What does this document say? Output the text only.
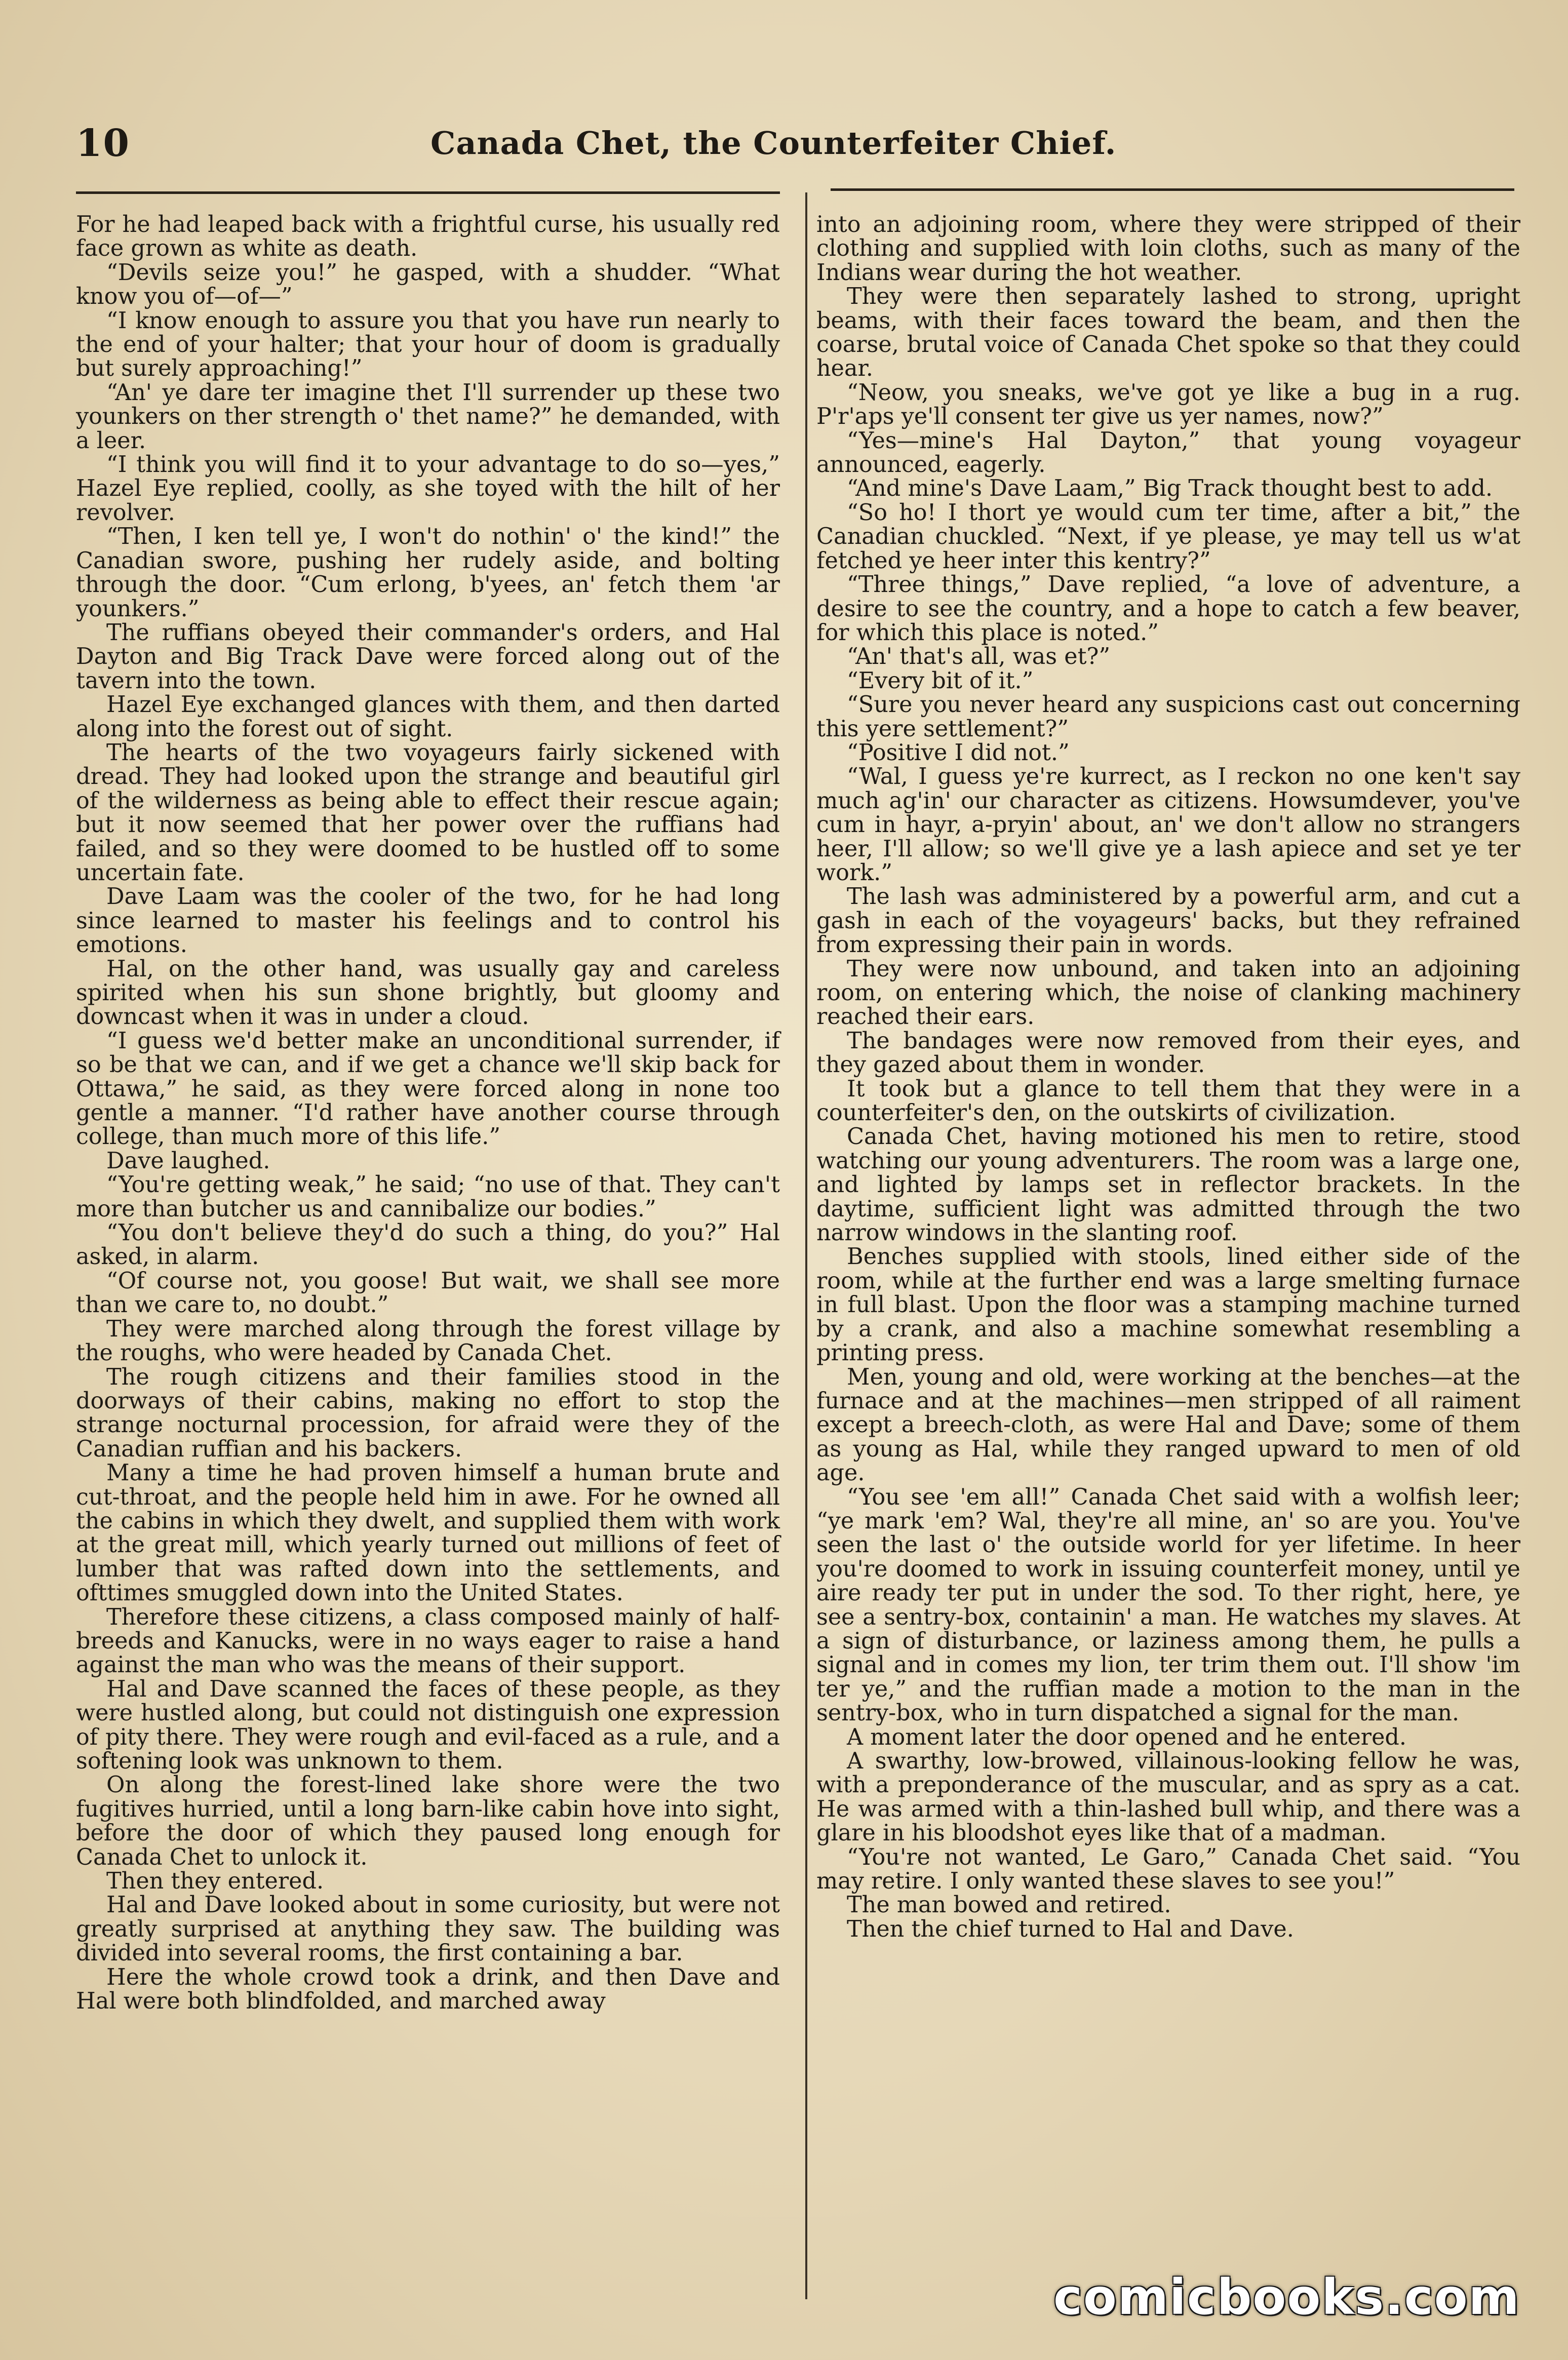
10	Canada Chet, the Counterfeiter Chief.

For he had leaped back with a frightful curse, his usually red face grown as white as death.

“Devils seize you!” he gasped, with a shudder. “What know you of—of—”

“I know enough to assure you that you have run nearly to the end of your halter; that your hour of doom is gradually but surely approaching!”

“An' ye dare ter imagine thet I'll surrender up these two younkers on ther strength o' thet name?” he demanded, with a leer.

“I think you will find it to your advantage to do so—yes,” Hazel Eye replied, coolly, as she toyed with the hilt of her revolver.

“Then, I ken tell ye, I won't do nothin' o' the kind!” the Canadian swore, pushing her rudely aside, and bolting through the door. “Cum erlong, b'yees, an' fetch them 'ar younkers.”

The ruffians obeyed their commander's orders, and Hal Dayton and Big Track Dave were forced along out of the tavern into the town.

Hazel Eye exchanged glances with them, and then darted along into the forest out of sight.

The hearts of the two voyageurs fairly sickened with dread. They had looked upon the strange and beautiful girl of the wilderness as being able to effect their rescue again; but it now seemed that her power over the ruffians had failed, and so they were doomed to be hustled off to some uncertain fate.

Dave Laam was the cooler of the two, for he had long since learned to master his feelings and to control his emotions.

Hal, on the other hand, was usually gay and careless spirited when his sun shone brightly, but gloomy and downcast when it was in under a cloud.

“I guess we'd better make an unconditional surrender, if so be that we can, and if we get a chance we'll skip back for Ottawa,” he said, as they were forced along in none too gentle a manner. “I'd rather have another course through college, than much more of this life.”

Dave laughed.

“You're getting weak,” he said; “no use of that. They can't more than butcher us and cannibalize our bodies.”

“You don't believe they'd do such a thing, do you?” Hal asked, in alarm.

“Of course not, you goose! But wait, we shall see more than we care to, no doubt.”

They were marched along through the forest village by the roughs, who were headed by Canada Chet.

The rough citizens and their families stood in the doorways of their cabins, making no effort to stop the strange nocturnal procession, for afraid were they of the Canadian ruffian and his backers.

Many a time he had proven himself a human brute and cut-throat, and the people held him in awe. For he owned all the cabins in which they dwelt, and supplied them with work at the great mill, which yearly turned out millions of feet of lumber that was rafted down into the settlements, and ofttimes smuggled down into the United States.

Therefore these citizens, a class composed mainly of half-breeds and Kanucks, were in no ways eager to raise a hand against the man who was the means of their support.

Hal and Dave scanned the faces of these people, as they were hustled along, but could not distinguish one expression of pity there. They were rough and evil-faced as a rule, and a softening look was unknown to them.

On along the forest-lined lake shore were the two fugitives hurried, until a long barn-like cabin hove into sight, before the door of which they paused long enough for Canada Chet to unlock it.

Then they entered.

Hal and Dave looked about in some curiosity, but were not greatly surprised at anything they saw. The building was divided into several rooms, the first containing a bar.

Here the whole crowd took a drink, and then Dave and Hal were both blindfolded, and marched away

into an adjoining room, where they were stripped of their clothing and supplied with loin cloths, such as many of the Indians wear during the hot weather.

They were then separately lashed to strong, upright beams, with their faces toward the beam, and then the coarse, brutal voice of Canada Chet spoke so that they could hear.

“Neow, you sneaks, we've got ye like a bug in a rug. P'r'aps ye'll consent ter give us yer names, now?”

“Yes—mine's Hal Dayton,” that young voyageur announced, eagerly.

“And mine's Dave Laam,” Big Track thought best to add.

“So ho! I thort ye would cum ter time, after a bit,” the Canadian chuckled. “Next, if ye please, ye may tell us w'at fetched ye heer inter this kentry?”

“Three things,” Dave replied, “a love of adventure, a desire to see the country, and a hope to catch a few beaver, for which this place is noted.”

“An' that's all, was et?”

“Every bit of it.”

“Sure you never heard any suspicions cast out concerning this yere settlement?”

“Positive I did not.”

“Wal, I guess ye're kurrect, as I reckon no one ken't say much ag'in' our character as citizens. Howsumdever, you've cum in hayr, a-pryin' about, an' we don't allow no strangers heer, I'll allow; so we'll give ye a lash apiece and set ye ter work.”

The lash was administered by a powerful arm, and cut a gash in each of the voyageurs' backs, but they refrained from expressing their pain in words.

They were now unbound, and taken into an adjoining room, on entering which, the noise of clanking machinery reached their ears.

The bandages were now removed from their eyes, and they gazed about them in wonder.

It took but a glance to tell them that they were in a counterfeiter's den, on the outskirts of civilization.

Canada Chet, having motioned his men to retire, stood watching our young adventurers. The room was a large one, and lighted by lamps set in reflector brackets. In the daytime, sufficient light was admitted through the two narrow windows in the slanting roof.

Benches supplied with stools, lined either side of the room, while at the further end was a large smelting furnace in full blast. Upon the floor was a stamping machine turned by a crank, and also a machine somewhat resembling a printing press.

Men, young and old, were working at the benches—at the furnace and at the machines—men stripped of all raiment except a breech-cloth, as were Hal and Dave; some of them as young as Hal, while they ranged upward to men of old age.

“You see 'em all!” Canada Chet said with a wolfish leer; “ye mark 'em? Wal, they're all mine, an' so are you. You've seen the last o' the outside world for yer lifetime. In heer you're doomed to work in issuing counterfeit money, until ye aire ready ter put in under the sod. To ther right, here, ye see a sentry-box, containin' a man. He watches my slaves. At a sign of disturbance, or laziness among them, he pulls a signal and in comes my lion, ter trim them out. I'll show 'im ter ye,” and the ruffian made a motion to the man in the sentry-box, who in turn dispatched a signal for the man.

A moment later the door opened and he entered.

A swarthy, low-browed, villainous-looking fellow he was, with a preponderance of the muscular, and as spry as a cat. He was armed with a thin-lashed bull whip, and there was a glare in his bloodshot eyes like that of a madman.

“You're not wanted, Le Garo,” Canada Chet said. “You may retire. I only wanted these slaves to see you!”

The man bowed and retired.

Then the chief turned to Hal and Dave.

comicbooks.com
